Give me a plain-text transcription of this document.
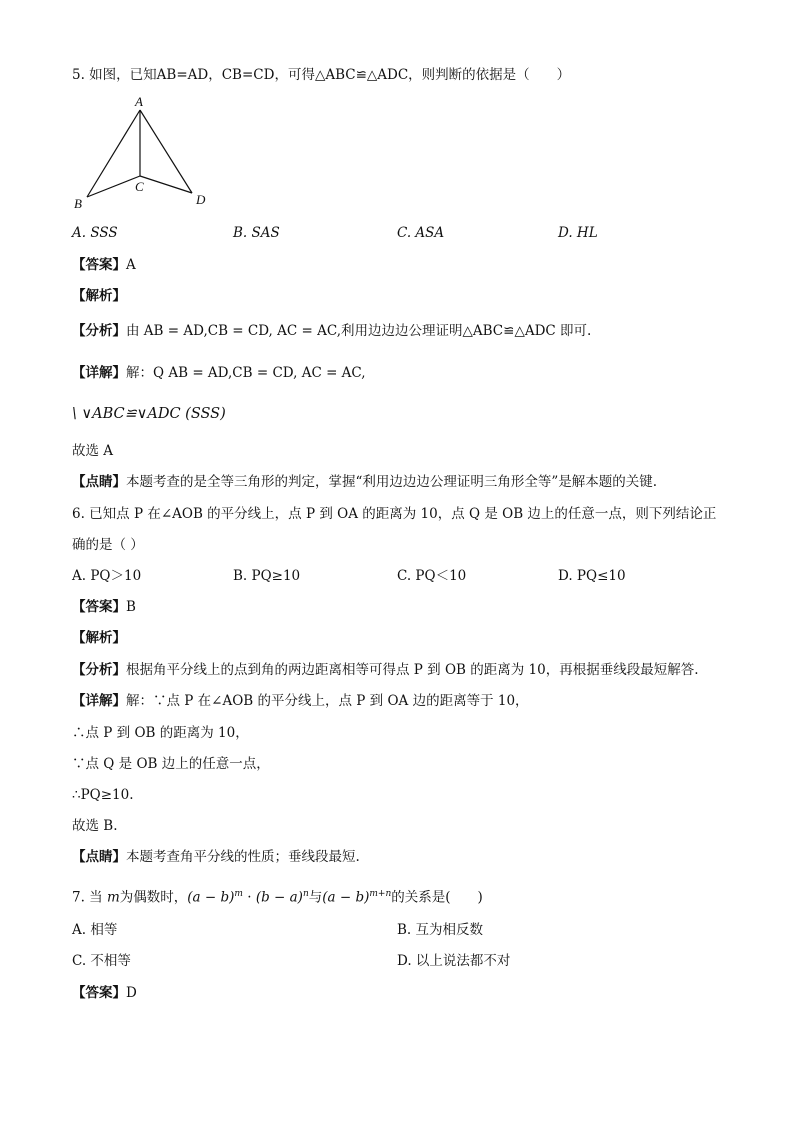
5. 如图，已知AB=AD，CB=CD，可得△ABC≌△ADC，则判断的依据是（　　）
A
B
C
D
A. SSS	B. SAS	C. ASA	D. HL
【答案】A
【解析】
【分析】由 AB = AD,CB = CD, AC = AC,利用边边边公理证明△ABC≌△ADC 即可.
【详解】解：Q AB = AD,CB = CD, AC = AC,
\ ∨ABC≌∨ADC (SSS)
故选 A
【点睛】本题考查的是全等三角形的判定，掌握“利用边边边公理证明三角形全等”是解本题的关键.
6. 已知点 P 在∠AOB 的平分线上，点 P 到 OA 的距离为 10，点 Q 是 OB 边上的任意一点，则下列结论正
确的是（ ）
A. PQ＞10	B. PQ≥10	C. PQ＜10	D. PQ≤10
【答案】B
【解析】
【分析】根据角平分线上的点到角的两边距离相等可得点 P 到 OB 的距离为 10，再根据垂线段最短解答.
【详解】解：∵点 P 在∠AOB 的平分线上，点 P 到 OA 边的距离等于 10，
∴点 P 到 OB 的距离为 10，
∵点 Q 是 OB 边上的任意一点，
∴PQ≥10.
故选 B.
【点睛】本题考查角平分线的性质；垂线段最短.
7. 当 m为偶数时，$(a - b)^m \cdot (b - a)^n$与$(a - b)^{m+n}$的关系是(　　)
A. 相等	B. 互为相反数
C. 不相等	D. 以上说法都不对
【答案】D
